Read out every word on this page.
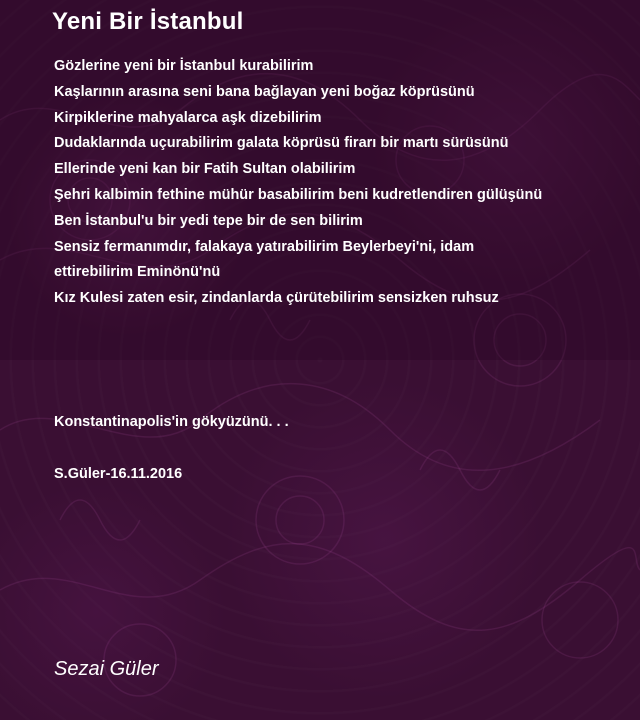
Yeni Bir İstanbul
Gözlerine yeni bir İstanbul kurabilirim
Kaşlarının arasına seni bana bağlayan yeni boğaz köprüsünü
Kirpiklerine mahyalarca aşk dizebilirim
Dudaklarında uçurabilirim galata köprüsü firarı bir martı sürüsünü
Ellerinde yeni kan bir Fatih Sultan olabilirim
Şehri kalbimin fethine mühür basabilirim beni kudretlendiren gülüşünü
Ben İstanbul'u bir yedi tepe bir de sen bilirim
Sensiz fermanımdır, falakaya yatırabilirim Beylerbeyi'ni, idam
ettirebilirim Eminönü'nü
Kız Kulesi zaten esir, zindanlarda çürütebilirim sensizken ruhsuz
Konstantinapolis'in gökyüzünü. . .
S.Güler-16.11.2016
Sezai Güler
